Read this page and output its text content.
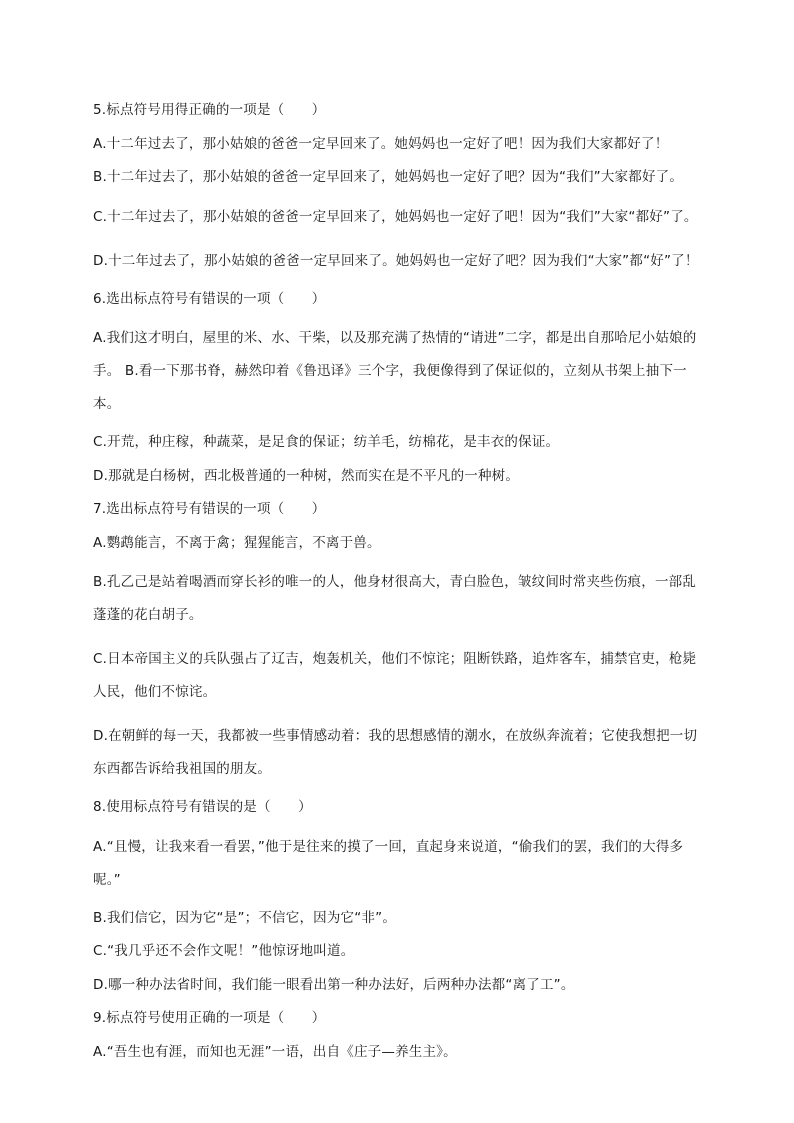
5.标点符号用得正确的一项是（　　）
A.十二年过去了，那小姑娘的爸爸一定早回来了。她妈妈也一定好了吧！因为我们大家都好了！
B.十二年过去了，那小姑娘的爸爸一定早回来了，她妈妈也一定好了吧？因为“我们”大家都好了。
C.十二年过去了，那小姑娘的爸爸一定早回来了，她妈妈也一定好了吧！因为“我们”大家“都好”了。
D.十二年过去了，那小姑娘的爸爸一定早回来了。她妈妈也一定好了吧？因为我们“大家”都“好”了！
6.选出标点符号有错误的一项（　　）
A.我们这才明白，屋里的米、水、干柴，以及那充满了热情的“请进”二字，都是出自那哈尼小姑娘的手。 B.看一下那书脊，赫然印着《鲁迅译》三个字，我便像得到了保证似的，立刻从书架上抽下一本。
C.开荒，种庄稼，种蔬菜，是足食的保证；纺羊毛，纺棉花，是丰衣的保证。
D.那就是白杨树，西北极普通的一种树，然而实在是不平凡的一种树。
7.选出标点符号有错误的一项（　　）
A.鹦鹉能言，不离于禽；猩猩能言，不离于兽。
B.孔乙己是站着喝酒而穿长衫的唯一的人，他身材很高大，青白脸色，皱纹间时常夹些伤痕，一部乱蓬蓬的花白胡子。
C.日本帝国主义的兵队强占了辽吉，炮轰机关，他们不惊诧；阻断铁路，追炸客车，捕禁官吏，枪毙人民，他们不惊诧。
D.在朝鲜的每一天，我都被一些事情感动着：我的思想感情的潮水，在放纵奔流着；它使我想把一切东西都告诉给我祖国的朋友。
8.使用标点符号有错误的是（　　）
A.“且慢，让我来看一看罢，”他于是往来的摸了一回，直起身来说道，“偷我们的罢，我们的大得多呢。”
B.我们信它，因为它“是”；不信它，因为它“非”。
C.“我几乎还不会作文呢！”他惊讶地叫道。
D.哪一种办法省时间，我们能一眼看出第一种办法好，后两种办法都“离了工”。
9.标点符号使用正确的一项是（　　）
A.“吾生也有涯，而知也无涯”一语，出自《庄子—养生主》。
